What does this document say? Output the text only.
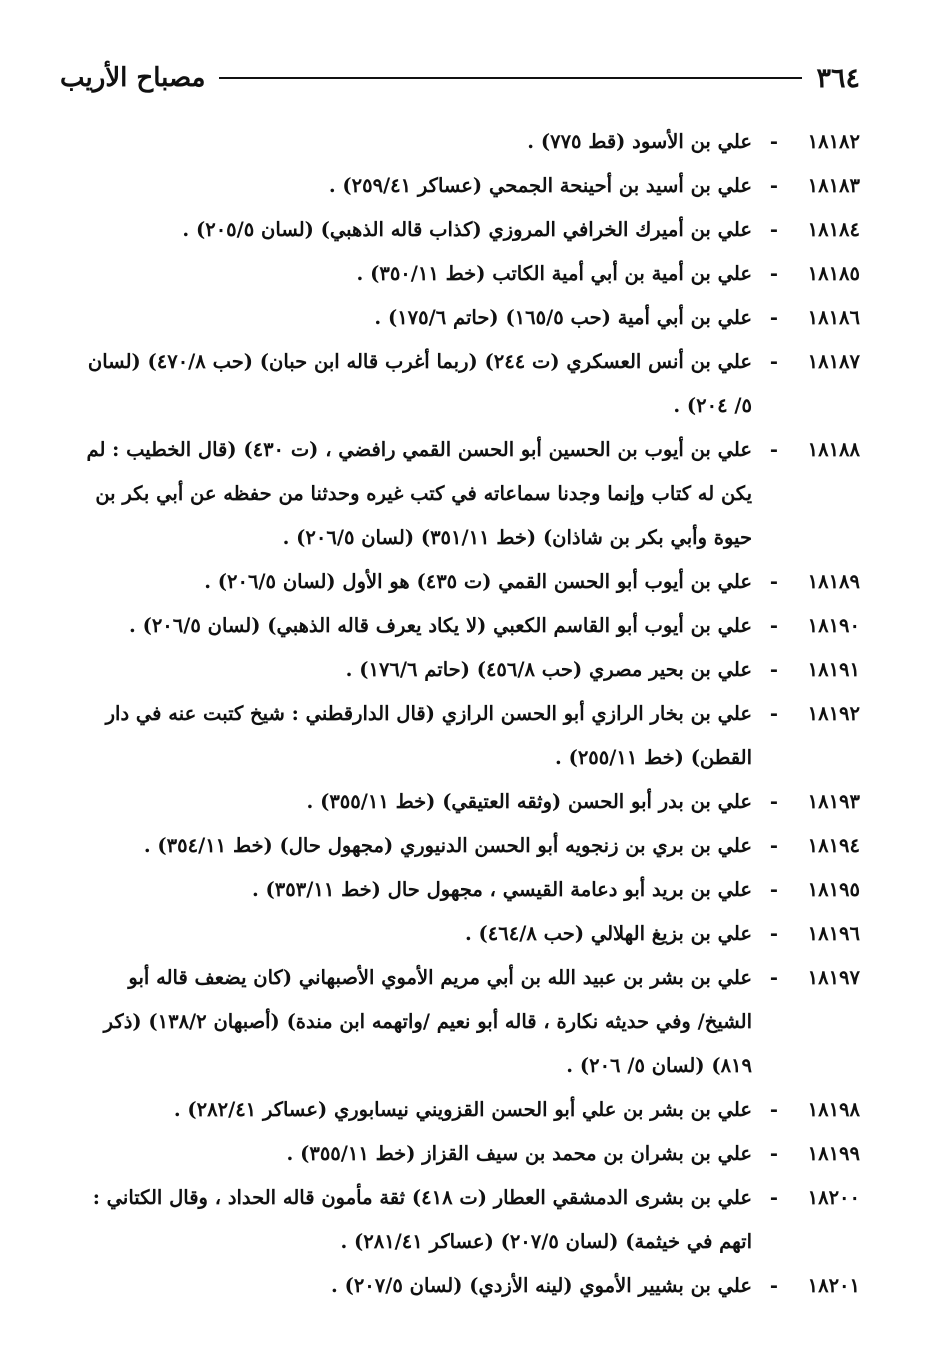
٣٦٤
مصباح الأريب
١٨١٨٢
-
علي بن الأسود (قط ٧٧٥) .
١٨١٨٣
-
علي بن أسيد بن أحينحة الجمحي (عساكر ٢٥٩/٤١) .
١٨١٨٤
-
علي بن أميرك الخرافي المروزي (كذاب قاله الذهبي) (لسان ٢٠٥/٥) .
١٨١٨٥
-
علي بن أمية بن أبي أمية الكاتب (خط ٣٥٠/١١) .
١٨١٨٦
-
علي بن أبي أمية (حب ١٦٥/٥) (حاتم ١٧٥/٦) .
١٨١٨٧
-
علي بن أنس العسكري (ت ٢٤٤) (ربما أغرب قاله ابن حبان) (حب ٤٧٠/٨) (لسان ٥/ ٢٠٤) .
١٨١٨٨
-
علي بن أيوب بن الحسين أبو الحسن القمي رافضي ، (ت ٤٣٠) (قال الخطيب : لم يكن له كتاب وإنما وجدنا سماعاته في كتب غيره وحدثنا من حفظه عن أبي بكر بن حيوة وأبي بكر بن شاذان) (خط ٣٥١/١١) (لسان ٢٠٦/٥) .
١٨١٨٩
-
علي بن أيوب أبو الحسن القمي (ت ٤٣٥) هو الأول (لسان ٢٠٦/٥) .
١٨١٩٠
-
علي بن أيوب أبو القاسم الكعبي (لا يكاد يعرف قاله الذهبي) (لسان ٢٠٦/٥) .
١٨١٩١
-
علي بن بحير مصري (حب ٤٥٦/٨) (حاتم ١٧٦/٦) .
١٨١٩٢
-
علي بن بخار الرازي أبو الحسن الرازي (قال الدارقطني : شيخ كتبت عنه في دار القطن) (خط ٢٥٥/١١) .
١٨١٩٣
-
علي بن بدر أبو الحسن (وثقه العتيقي) (خط ٣٥٥/١١) .
١٨١٩٤
-
علي بن بري بن زنجويه أبو الحسن الدنيوري (مجهول حال) (خط ٣٥٤/١١) .
١٨١٩٥
-
علي بن بريد أبو دعامة القيسي ، مجهول حال (خط ٣٥٣/١١) .
١٨١٩٦
-
علي بن بزيغ الهلالي (حب ٤٦٤/٨) .
١٨١٩٧
-
علي بن بشر بن عبيد الله بن أبي مريم الأموي الأصبهاني (كان يضعف قاله أبو الشيخ/ وفي حديثه نكارة ، قاله أبو نعيم /واتهمه ابن مندة) (أصبهان ١٣٨/٢) (ذكر ٨١٩) (لسان ٥/ ٢٠٦) .
١٨١٩٨
-
علي بن بشر بن علي أبو الحسن القزويني نيسابوري (عساكر ٢٨٢/٤١) .
١٨١٩٩
-
علي بن بشران بن محمد بن سيف القزاز (خط ٣٥٥/١١) .
١٨٢٠٠
-
علي بن بشرى الدمشقي العطار (ت ٤١٨) ثقة مأمون قاله الحداد ، وقال الكتاني : اتهم في خيثمة) (لسان ٢٠٧/٥) (عساكر ٢٨١/٤١) .
١٨٢٠١
-
علي بن بشيير الأموي (لينه الأزدي) (لسان ٢٠٧/٥) .
